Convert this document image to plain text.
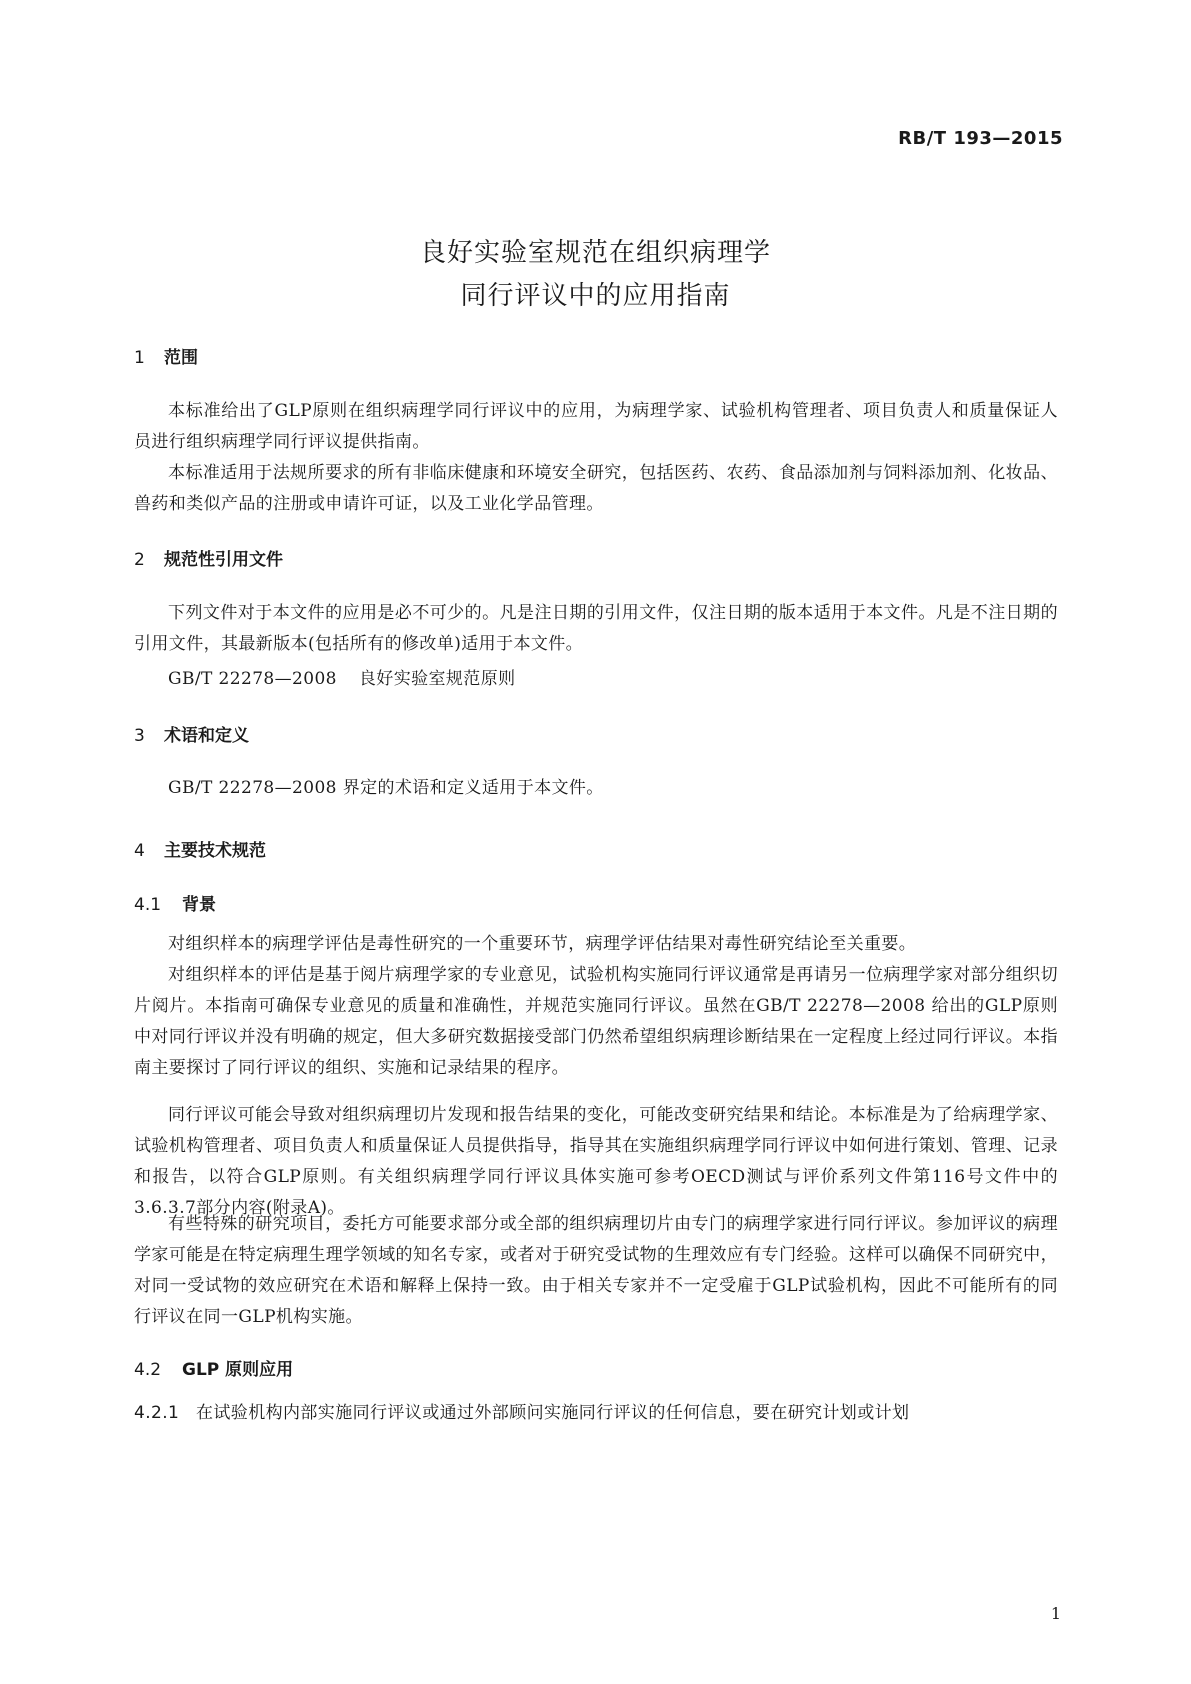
RB/T 193—2015
良好实验室规范在组织病理学
同行评议中的应用指南
1 范围
本标准给出了GLP原则在组织病理学同行评议中的应用，为病理学家、试验机构管理者、项目负责人和质量保证人员进行组织病理学同行评议提供指南。
本标准适用于法规所要求的所有非临床健康和环境安全研究，包括医药、农药、食品添加剂与饲料添加剂、化妆品、兽药和类似产品的注册或申请许可证，以及工业化学品管理。
2 规范性引用文件
下列文件对于本文件的应用是必不可少的。凡是注日期的引用文件，仅注日期的版本适用于本文件。凡是不注日期的引用文件，其最新版本(包括所有的修改单)适用于本文件。
GB/T 22278—2008 良好实验室规范原则
3 术语和定义
GB/T 22278—2008 界定的术语和定义适用于本文件。
4 主要技术规范
4.1 背景
对组织样本的病理学评估是毒性研究的一个重要环节，病理学评估结果对毒性研究结论至关重要。
对组织样本的评估是基于阅片病理学家的专业意见，试验机构实施同行评议通常是再请另一位病理学家对部分组织切片阅片。本指南可确保专业意见的质量和准确性，并规范实施同行评议。虽然在GB/T 22278—2008 给出的GLP原则中对同行评议并没有明确的规定，但大多研究数据接受部门仍然希望组织病理诊断结果在一定程度上经过同行评议。本指南主要探讨了同行评议的组织、实施和记录结果的程序。
同行评议可能会导致对组织病理切片发现和报告结果的变化，可能改变研究结果和结论。本标准是为了给病理学家、试验机构管理者、项目负责人和质量保证人员提供指导，指导其在实施组织病理学同行评议中如何进行策划、管理、记录和报告，以符合GLP原则。有关组织病理学同行评议具体实施可参考OECD测试与评价系列文件第116号文件中的3.6.3.7部分内容(附录A)。
有些特殊的研究项目，委托方可能要求部分或全部的组织病理切片由专门的病理学家进行同行评议。参加评议的病理学家可能是在特定病理生理学领域的知名专家，或者对于研究受试物的生理效应有专门经验。这样可以确保不同研究中，对同一受试物的效应研究在术语和解释上保持一致。由于相关专家并不一定受雇于GLP试验机构，因此不可能所有的同行评议在同一GLP机构实施。
4.2 GLP 原则应用
4.2.1 在试验机构内部实施同行评议或通过外部顾问实施同行评议的任何信息，要在研究计划或计划
1
